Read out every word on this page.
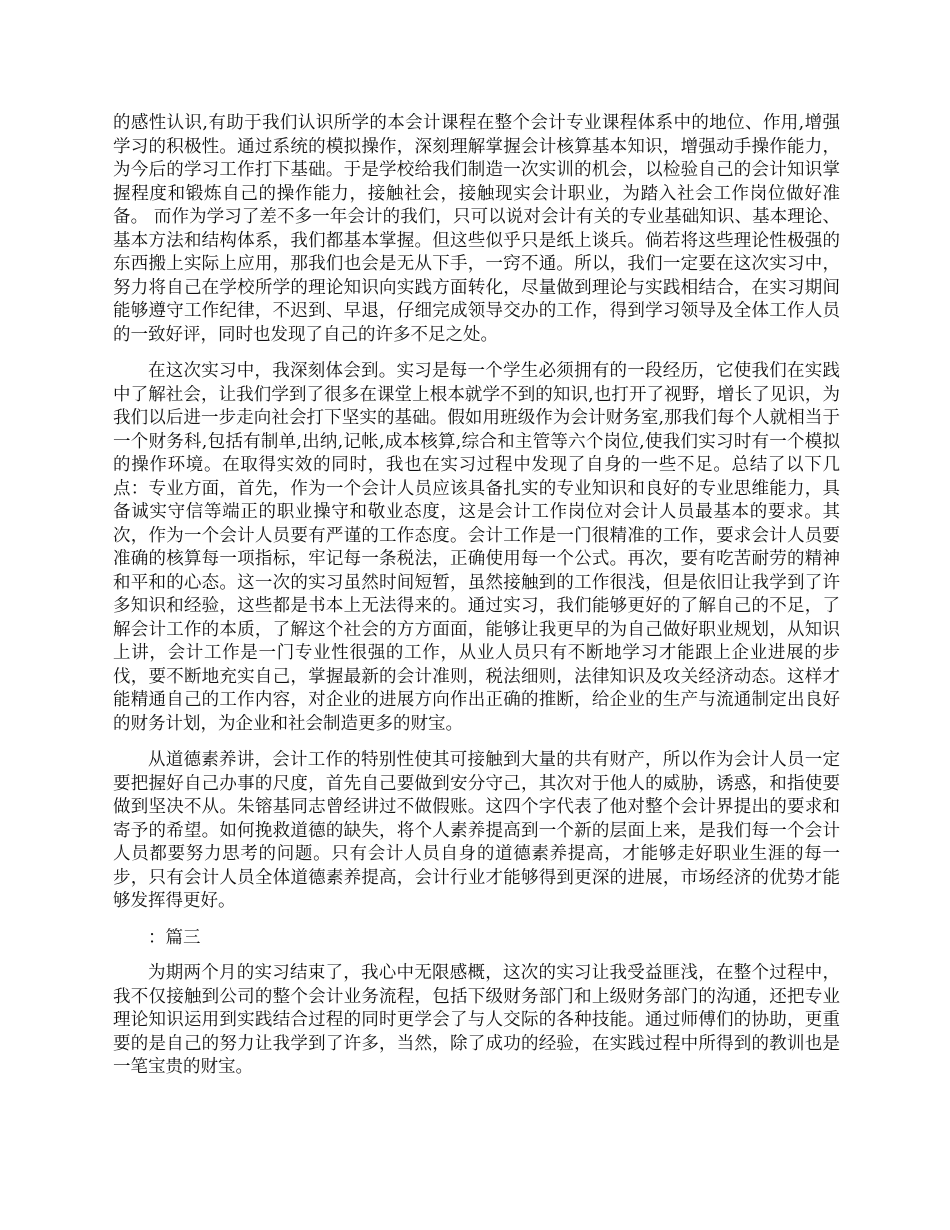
的感性认识,有助于我们认识所学的本会计课程在整个会计专业课程体系中的地位、作用,增强学习的积极性。通过系统的模拟操作，深刻理解掌握会计核算基本知识，增强动手操作能力，为今后的学习工作打下基础。于是学校给我们制造一次实训的机会，以检验自己的会计知识掌握程度和锻炼自己的操作能力，接触社会，接触现实会计职业，为踏入社会工作岗位做好准备。 而作为学习了差不多一年会计的我们，只可以说对会计有关的专业基础知识、基本理论、基本方法和结构体系，我们都基本掌握。但这些似乎只是纸上谈兵。倘若将这些理论性极强的东西搬上实际上应用，那我们也会是无从下手，一窍不通。所以，我们一定要在这次实习中，努力将自己在学校所学的理论知识向实践方面转化，尽量做到理论与实践相结合，在实习期间能够遵守工作纪律，不迟到、早退，仔细完成领导交办的工作，得到学习领导及全体工作人员的一致好评，同时也发现了自己的许多不足之处。

在这次实习中，我深刻体会到。实习是每一个学生必须拥有的一段经历，它使我们在实践中了解社会，让我们学到了很多在课堂上根本就学不到的知识,也打开了视野，增长了见识，为我们以后进一步走向社会打下坚实的基础。假如用班级作为会计财务室,那我们每个人就相当于一个财务科,包括有制单,出纳,记帐,成本核算,综合和主管等六个岗位,使我们实习时有一个模拟的操作环境。在取得实效的同时，我也在实习过程中发现了自身的一些不足。总结了以下几点：专业方面，首先，作为一个会计人员应该具备扎实的专业知识和良好的专业思维能力，具备诚实守信等端正的职业操守和敬业态度，这是会计工作岗位对会计人员最基本的要求。其次，作为一个会计人员要有严谨的工作态度。会计工作是一门很精准的工作，要求会计人员要准确的核算每一项指标，牢记每一条税法，正确使用每一个公式。再次，要有吃苦耐劳的精神和平和的心态。这一次的实习虽然时间短暂，虽然接触到的工作很浅，但是依旧让我学到了许多知识和经验，这些都是书本上无法得来的。通过实习，我们能够更好的了解自己的不足，了解会计工作的本质，了解这个社会的方方面面，能够让我更早的为自己做好职业规划，从知识上讲，会计工作是一门专业性很强的工作，从业人员只有不断地学习才能跟上企业进展的步伐，要不断地充实自己，掌握最新的会计准则，税法细则，法律知识及攻关经济动态。这样才能精通自己的工作内容，对企业的进展方向作出正确的推断，给企业的生产与流通制定出良好的财务计划，为企业和社会制造更多的财宝。

从道德素养讲，会计工作的特别性使其可接触到大量的共有财产，所以作为会计人员一定要把握好自己办事的尺度，首先自己要做到安分守己，其次对于他人的威胁，诱惑，和指使要做到坚决不从。朱镕基同志曾经讲过不做假账。这四个字代表了他对整个会计界提出的要求和寄予的希望。如何挽救道德的缺失，将个人素养提高到一个新的层面上来，是我们每一个会计人员都要努力思考的问题。只有会计人员自身的道德素养提高，才能够走好职业生涯的每一步，只有会计人员全体道德素养提高，会计行业才能够得到更深的进展，市场经济的优势才能够发挥得更好。

：篇三

为期两个月的实习结束了，我心中无限感概，这次的实习让我受益匪浅，在整个过程中，我不仅接触到公司的整个会计业务流程，包括下级财务部门和上级财务部门的沟通，还把专业理论知识运用到实践结合过程的同时更学会了与人交际的各种技能。通过师傅们的协助，更重要的是自己的努力让我学到了许多，当然，除了成功的经验，在实践过程中所得到的教训也是一笔宝贵的财宝。
